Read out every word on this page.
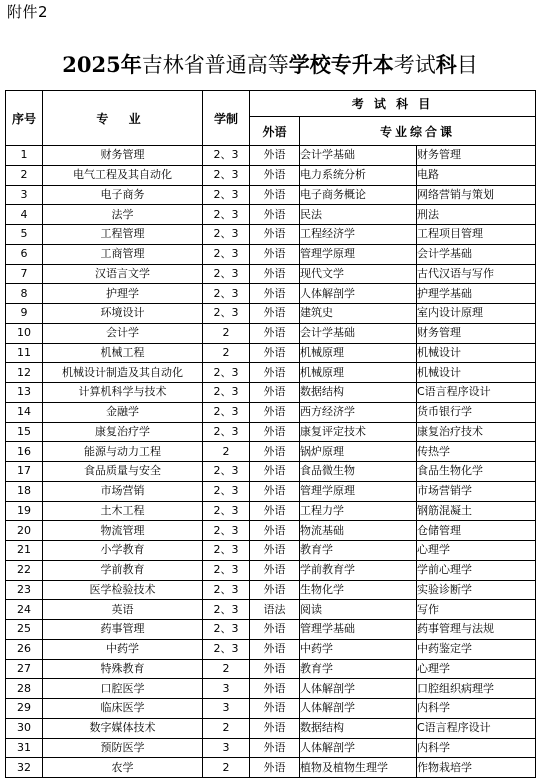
附件2
2025年吉林省普通高等学校专升本考试科目
序号	专 业	学制	考 试 科 目		
			外语	专业综合课	
1	财务管理	2、3	外语	会计学基础	财务管理
2	电气工程及其自动化	2、3	外语	电力系统分析	电路
3	电子商务	2、3	外语	电子商务概论	网络营销与策划
4	法学	2、3	外语	民法	刑法
5	工程管理	2、3	外语	工程经济学	工程项目管理
6	工商管理	2、3	外语	管理学原理	会计学基础
7	汉语言文学	2、3	外语	现代文学	古代汉语与写作
8	护理学	2、3	外语	人体解剖学	护理学基础
9	环境设计	2、3	外语	建筑史	室内设计原理
10	会计学	2	外语	会计学基础	财务管理
11	机械工程	2	外语	机械原理	机械设计
12	机械设计制造及其自动化	2、3	外语	机械原理	机械设计
13	计算机科学与技术	2、3	外语	数据结构	C语言程序设计
14	金融学	2、3	外语	西方经济学	货币银行学
15	康复治疗学	2、3	外语	康复评定技术	康复治疗技术
16	能源与动力工程	2	外语	锅炉原理	传热学
17	食品质量与安全	2、3	外语	食品微生物	食品生物化学
18	市场营销	2、3	外语	管理学原理	市场营销学
19	土木工程	2、3	外语	工程力学	钢筋混凝土
20	物流管理	2、3	外语	物流基础	仓储管理
21	小学教育	2、3	外语	教育学	心理学
22	学前教育	2、3	外语	学前教育学	学前心理学
23	医学检验技术	2、3	外语	生物化学	实验诊断学
24	英语	2、3	语法	阅读	写作
25	药事管理	2、3	外语	管理学基础	药事管理与法规
26	中药学	2、3	外语	中药学	中药鉴定学
27	特殊教育	2	外语	教育学	心理学
28	口腔医学	3	外语	人体解剖学	口腔组织病理学
29	临床医学	3	外语	人体解剖学	内科学
30	数字媒体技术	2	外语	数据结构	C语言程序设计
31	预防医学	3	外语	人体解剖学	内科学
32	农学	2	外语	植物及植物生理学	作物栽培学
